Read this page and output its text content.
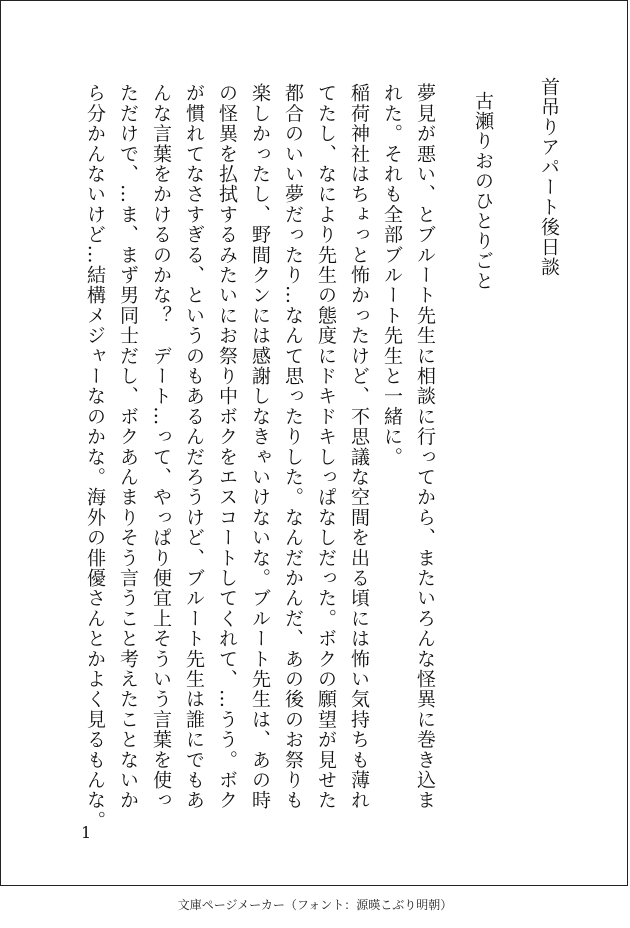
首吊りアパート後日談
古瀬りおのひとりごと
夢見が悪い、とブルート先生に相談に行ってから、またいろんな怪異に巻き込ま
れた。それも全部ブルート先生と一緒に。
稲荷神社はちょっと怖かったけど、不思議な空間を出る頃には怖い気持ちも薄れ
てたし、なにより先生の態度にドキドキしっぱなしだった。ボクの願望が見せた
都合のいい夢だったり…なんて思ったりした。なんだかんだ、あの後のお祭りも
楽しかったし、野間クンには感謝しなきゃいけないな。ブルート先生は、あの時
の怪異を払拭するみたいにお祭り中ボクをエスコートしてくれて、…うう。ボク
が慣れてなさすぎる、というのもあるんだろうけど、ブルート先生は誰にでもあ
んな言葉をかけるのかな？　デート…って、やっぱり便宜上そういう言葉を使っ
ただけで、…ま、まず男同士だし、ボクあんまりそう言うこと考えたことないか
ら分かんないけど…結構メジャーなのかな。海外の俳優さんとかよく見るもんな。
1
文庫ページメーカー（フォント：源暎こぶり明朝）
